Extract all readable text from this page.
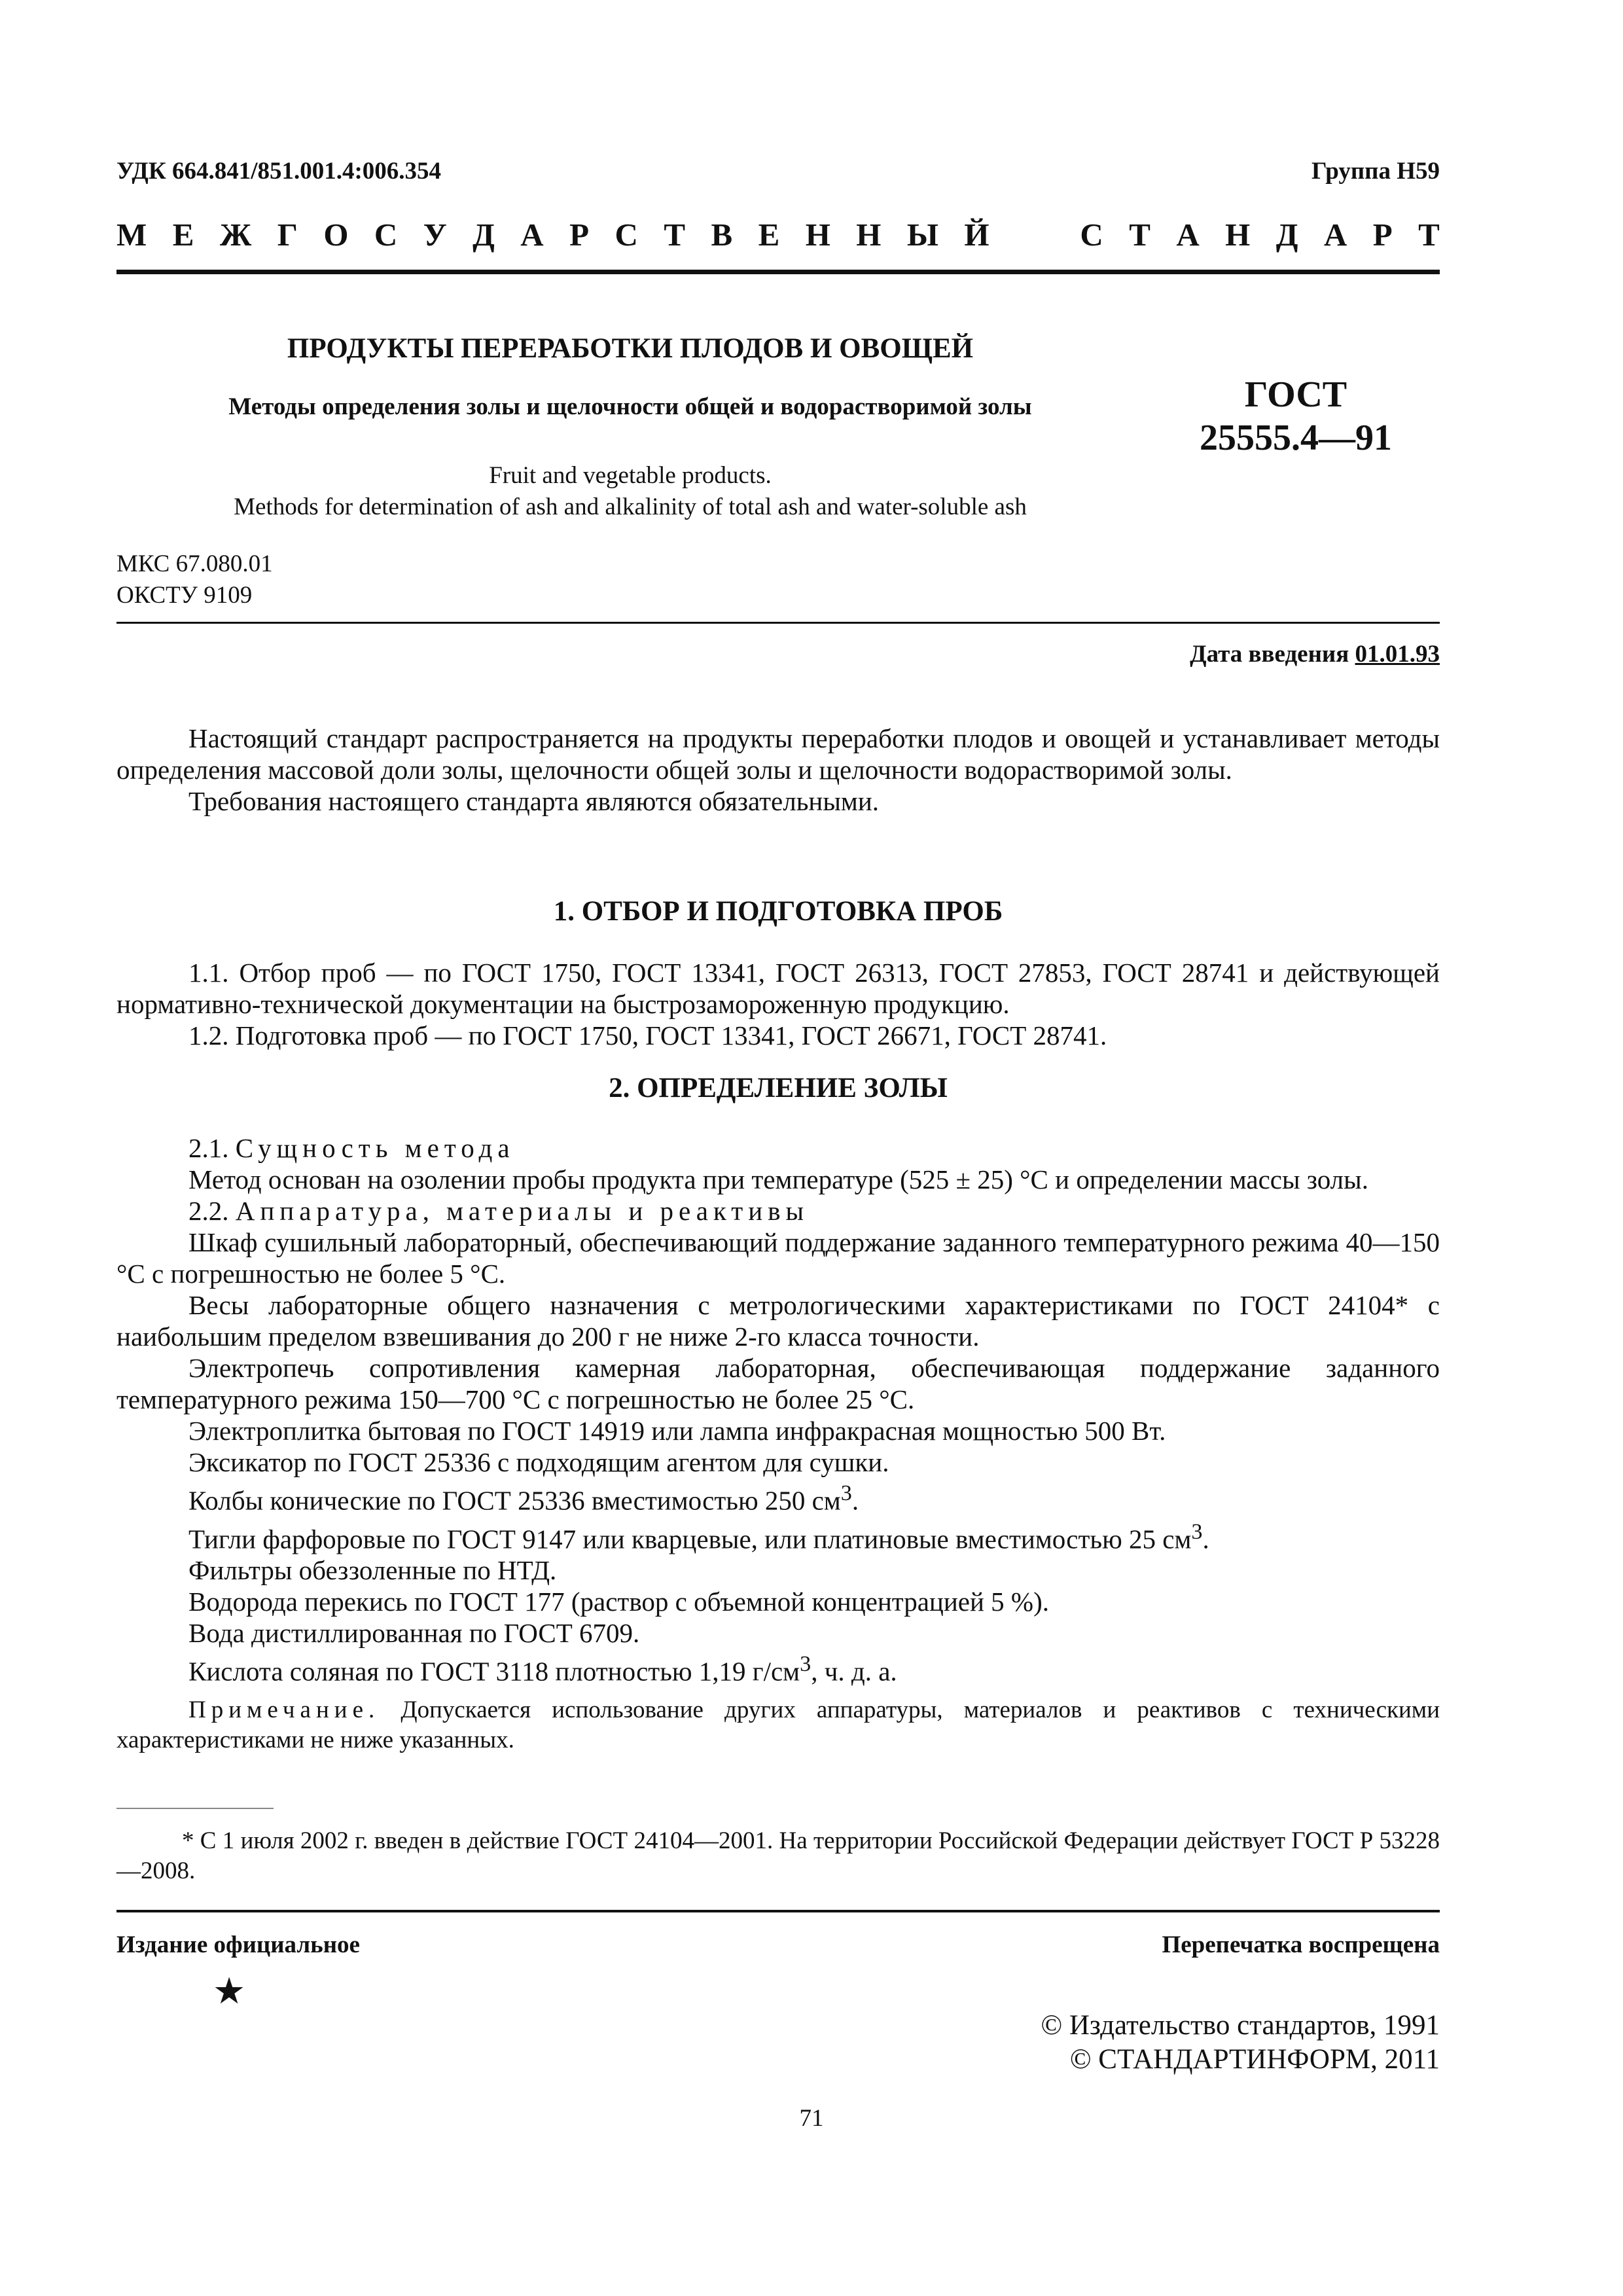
УДК 664.841/851.001.4:006.354	Группа H59
М Е Ж Г О С У Д А Р С Т В Е Н Н Ы Й	С Т А Н Д А Р Т
ПРОДУКТЫ ПЕРЕРАБОТКИ ПЛОДОВ И ОВОЩЕЙ
Методы определения золы и щелочности общей и водорастворимой золы	ГОСТ
25555.4—91
Fruit and vegetable products.
Methods for determination of ash and alkalinity of total ash and water-soluble ash
МКС 67.080.01
ОКСТУ 9109
Дата введения 01.01.93

Настоящий стандарт распространяется на продукты переработки плодов и овощей и устанавливает методы определения массовой доли золы, щелочности общей золы и щелочности водорастворимой золы.

Требования настоящего стандарта являются обязательными.

1. ОТБОР И ПОДГОТОВКА ПРОБ

1.1. Отбор проб — по ГОСТ 1750, ГОСТ 13341, ГОСТ 26313, ГОСТ 27853, ГОСТ 28741 и действующей нормативно-технической документации на быстрозамороженную продукцию.

1.2. Подготовка проб — по ГОСТ 1750, ГОСТ 13341, ГОСТ 26671, ГОСТ 28741.

2. ОПРЕДЕЛЕНИЕ ЗОЛЫ

2.1. Сущность метода

Метод основан на озолении пробы продукта при температуре (525 ± 25) °С и определении массы золы.

2.2. Аппаратура, материалы и реактивы

Шкаф сушильный лабораторный, обеспечивающий поддержание заданного температурного режима 40—150 °С с погрешностью не более 5 °С.

Весы лабораторные общего назначения с метрологическими характеристиками по ГОСТ 24104* с наибольшим пределом взвешивания до 200 г не ниже 2-го класса точности.

Электропечь сопротивления камерная лабораторная, обеспечивающая поддержание заданного температурного режима 150—700 °С с погрешностью не более 25 °С.

Электроплитка бытовая по ГОСТ 14919 или лампа инфракрасная мощностью 500 Вт.

Эксикатор по ГОСТ 25336 с подходящим агентом для сушки.

Колбы конические по ГОСТ 25336 вместимостью 250 $см^3$.

Тигли фарфоровые по ГОСТ 9147 или кварцевые, или платиновые вместимостью 25 $см^3$.

Фильтры обеззоленные по НТД.

Водорода перекись по ГОСТ 177 (раствор с объемной концентрацией 5 %).

Вода дистиллированная по ГОСТ 6709.

Кислота соляная по ГОСТ 3118 плотностью 1,19 $г/см^3$, ч. д. а.

Примечание. Допускается использование других аппаратуры, материалов и реактивов с техническими характеристиками не ниже указанных.

* С 1 июля 2002 г. введен в действие ГОСТ 24104—2001. На территории Российской Федерации действует ГОСТ Р 53228—2008.

Издание официальное	Перепечатка воспрещена
★
© Издательство стандартов, 1991
© СТАНДАРТИНФОРМ, 2011
71
